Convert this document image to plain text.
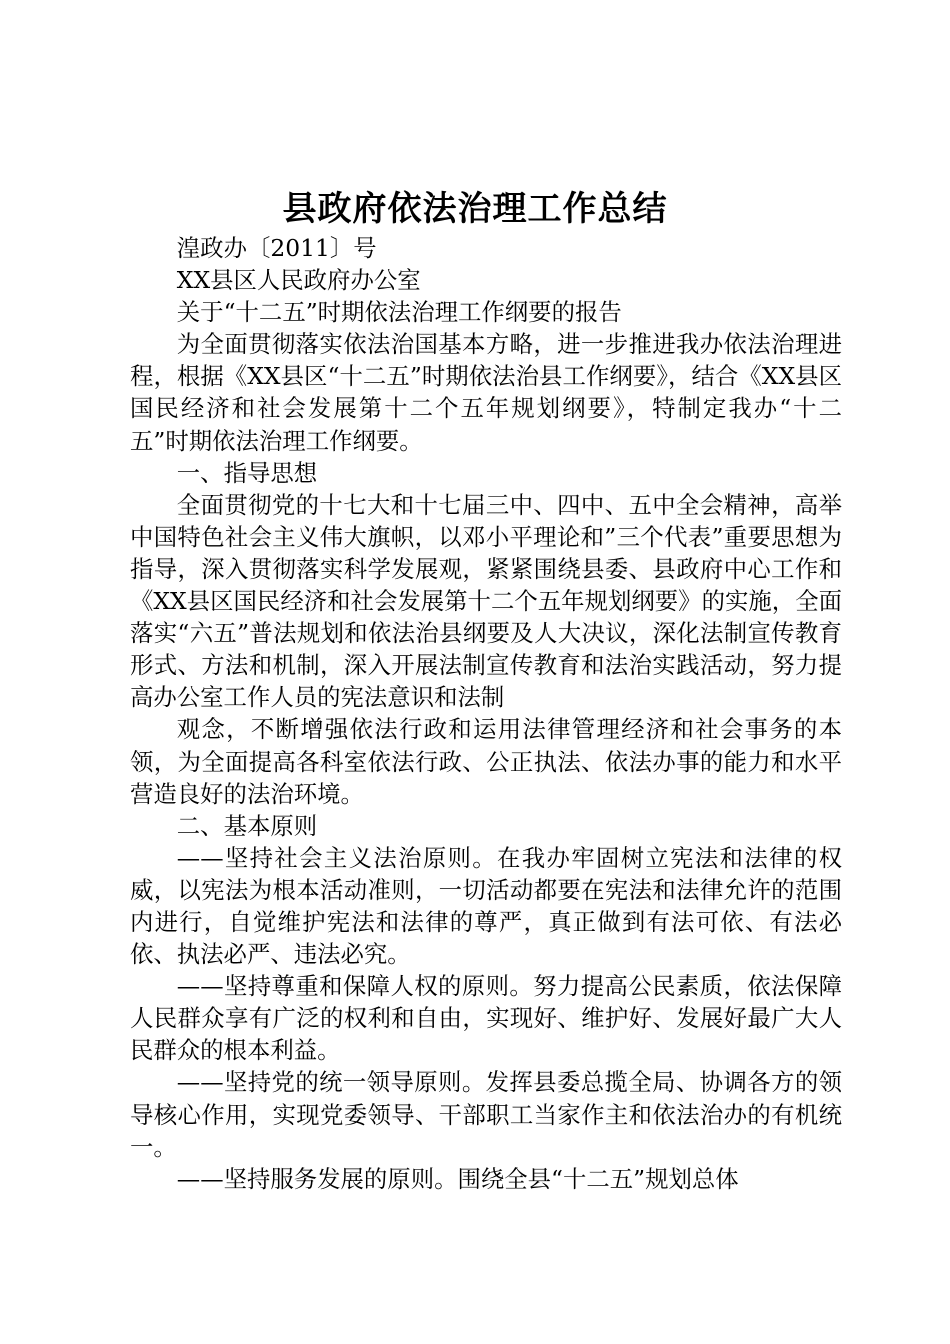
县政府依法治理工作总结

湟政办〔2011〕号

XX县区人民政府办公室

关于“十二五”时期依法治理工作纲要的报告

为全面贯彻落实依法治国基本方略，进一步推进我办依法治理进程，根据《XX县区“十二五”时期依法治县工作纲要》，结合《XX县区国民经济和社会发展第十二个五年规划纲要》，特制定我办“十二五”时期依法治理工作纲要。

一、指导思想

全面贯彻党的十七大和十七届三中、四中、五中全会精神，高举中国特色社会主义伟大旗帜，以邓小平理论和”三个代表”重要思想为指导，深入贯彻落实科学发展观，紧紧围绕县委、县政府中心工作和《XX县区国民经济和社会发展第十二个五年规划纲要》的实施，全面落实“六五”普法规划和依法治县纲要及人大决议，深化法制宣传教育形式、方法和机制，深入开展法制宣传教育和法治实践活动，努力提高办公室工作人员的宪法意识和法制

观念，不断增强依法行政和运用法律管理经济和社会事务的本领，为全面提高各科室依法行政、公正执法、依法办事的能力和水平营造良好的法治环境。

二、基本原则

——坚持社会主义法治原则。在我办牢固树立宪法和法律的权威，以宪法为根本活动准则，一切活动都要在宪法和法律允许的范围内进行，自觉维护宪法和法律的尊严，真正做到有法可依、有法必依、执法必严、违法必究。

——坚持尊重和保障人权的原则。努力提高公民素质，依法保障人民群众享有广泛的权利和自由，实现好、维护好、发展好最广大人民群众的根本利益。

——坚持党的统一领导原则。发挥县委总揽全局、协调各方的领导核心作用，实现党委领导、干部职工当家作主和依法治办的有机统一。

——坚持服务发展的原则。围绕全县“十二五”规划总体
